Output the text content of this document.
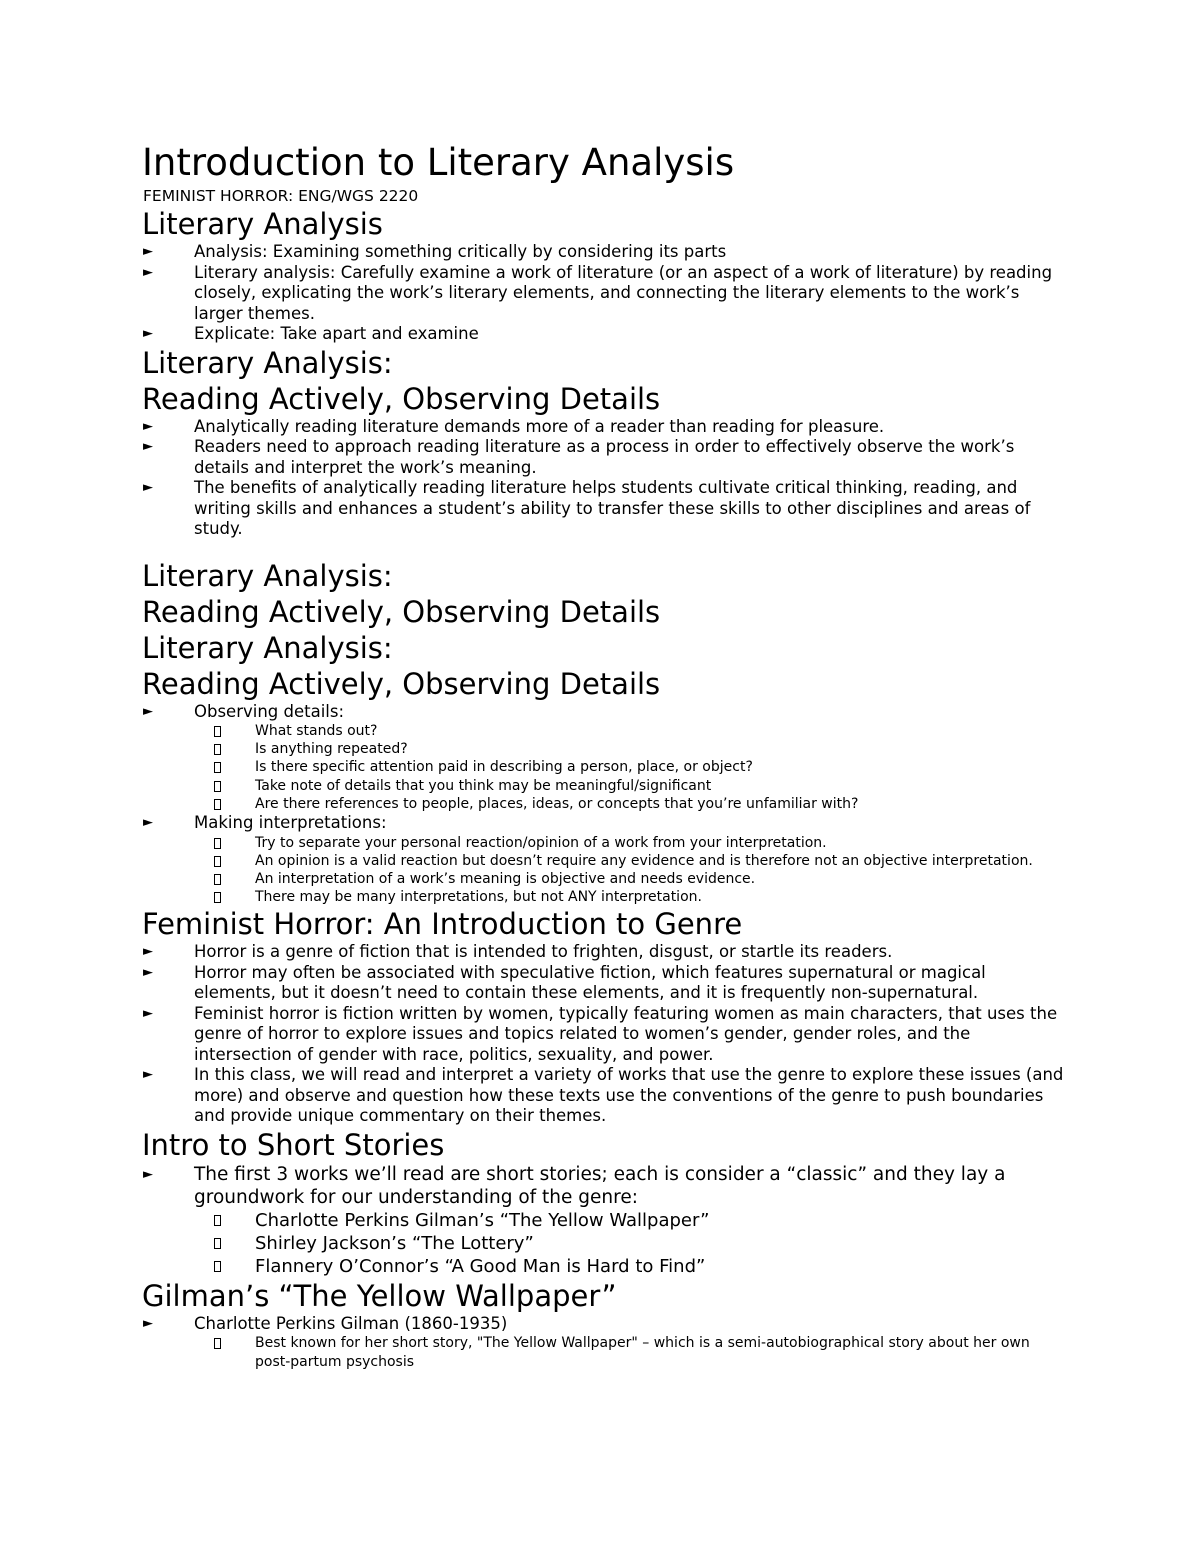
Introduction to Literary Analysis

FEMINIST HORROR: ENG/WGS 2220

Literary Analysis
► Analysis: Examining something critically by considering its parts
► Literary analysis: Carefully examine a work of literature (or an aspect of a work of literature) by reading closely, explicating the work’s literary elements, and connecting the literary elements to the work’s larger themes.
► Explicate: Take apart and examine
Literary Analysis:
Reading Actively, Observing Details
► Analytically reading literature demands more of a reader than reading for pleasure.
► Readers need to approach reading literature as a process in order to effectively observe the work’s details and interpret the work’s meaning.
► The benefits of analytically reading literature helps students cultivate critical thinking, reading, and writing skills and enhances a student’s ability to transfer these skills to other disciplines and areas of study.
Literary Analysis:
Reading Actively, Observing Details
Literary Analysis:
Reading Actively, Observing Details
► Observing details:
What stands out?
Is anything repeated?
Is there specific attention paid in describing a person, place, or object?
Take note of details that you think may be meaningful/significant
Are there references to people, places, ideas, or concepts that you’re unfamiliar with?
► Making interpretations:
Try to separate your personal reaction/opinion of a work from your interpretation.
An opinion is a valid reaction but doesn’t require any evidence and is therefore not an objective interpretation.
An interpretation of a work’s meaning is objective and needs evidence.
There may be many interpretations, but not ANY interpretation.
Feminist Horror: An Introduction to Genre
► Horror is a genre of fiction that is intended to frighten, disgust, or startle its readers.
► Horror may often be associated with speculative fiction, which features supernatural or magical elements, but it doesn’t need to contain these elements, and it is frequently non-supernatural.
► Feminist horror is fiction written by women, typically featuring women as main characters, that uses the genre of horror to explore issues and topics related to women’s gender, gender roles, and the intersection of gender with race, politics, sexuality, and power.
► In this class, we will read and interpret a variety of works that use the genre to explore these issues (and more) and observe and question how these texts use the conventions of the genre to push boundaries and provide unique commentary on their themes.
Intro to Short Stories
► The first 3 works we’ll read are short stories; each is consider a “classic” and they lay a groundwork for our understanding of the genre:
Charlotte Perkins Gilman’s “The Yellow Wallpaper”
Shirley Jackson’s “The Lottery”
Flannery O’Connor’s “A Good Man is Hard to Find”
Gilman’s “The Yellow Wallpaper”
► Charlotte Perkins Gilman (1860-1935)
Best known for her short story, "The Yellow Wallpaper" – which is a semi-autobiographical story about her own post-partum psychosis
